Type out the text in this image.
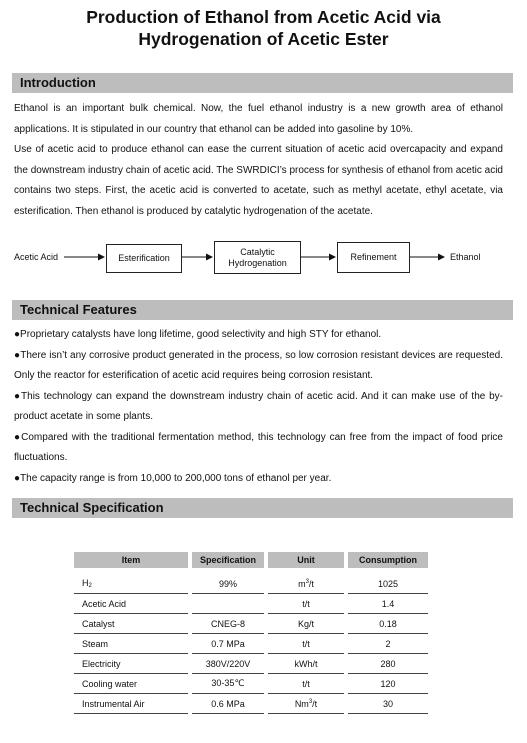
Production of Ethanol from Acetic Acid via
Hydrogenation of Acetic Ester
Introduction

Ethanol is an important bulk chemical. Now, the fuel ethanol industry is a new growth area of ethanol applications. It is stipulated in our country that ethanol can be added into gasoline by 10%.

Use of acetic acid to produce ethanol can ease the current situation of acetic acid overcapacity and expand the downstream industry chain of acetic acid. The SWRDICI’s process for synthesis of ethanol from acetic acid contains two steps. First, the acetic acid is converted to acetate, such as methyl acetate, ethyl acetate, via esterification. Then ethanol is produced by catalytic hydrogenation of the acetate.

Acetic Acid	Esterification
Catalytic
Hydrogenation
Refinement	Ethanol
Technical Features

●Proprietary catalysts have long lifetime, good selectivity and high STY for ethanol.

●There isn’t any corrosive product generated in the process, so low corrosion resistant devices are requested. Only the reactor for esterification of acetic acid requires being corrosion resistant.

●This technology can expand the downstream industry chain of acetic acid. And it can make use of the by-product acetate in some plants.

●Compared with the traditional fermentation method, this technology can free from the impact of food price fluctuations.

●The capacity range is from 10,000 to 200,000 tons of ethanol per year.

Technical Specification
Item		Specification		Unit		Consumption

$H_2$		99%		$m^3/t$		1025
Acetic Acid				t/t		1.4
Catalyst		CNEG-8		Kg/t		0.18
Steam		0.7 MPa		t/t		2
Electricity		380V/220V		kWh/t		280
Cooling water		30-35℃		t/t		120
Instrumental Air		0.6 MPa		Nm$^3$/t		30
